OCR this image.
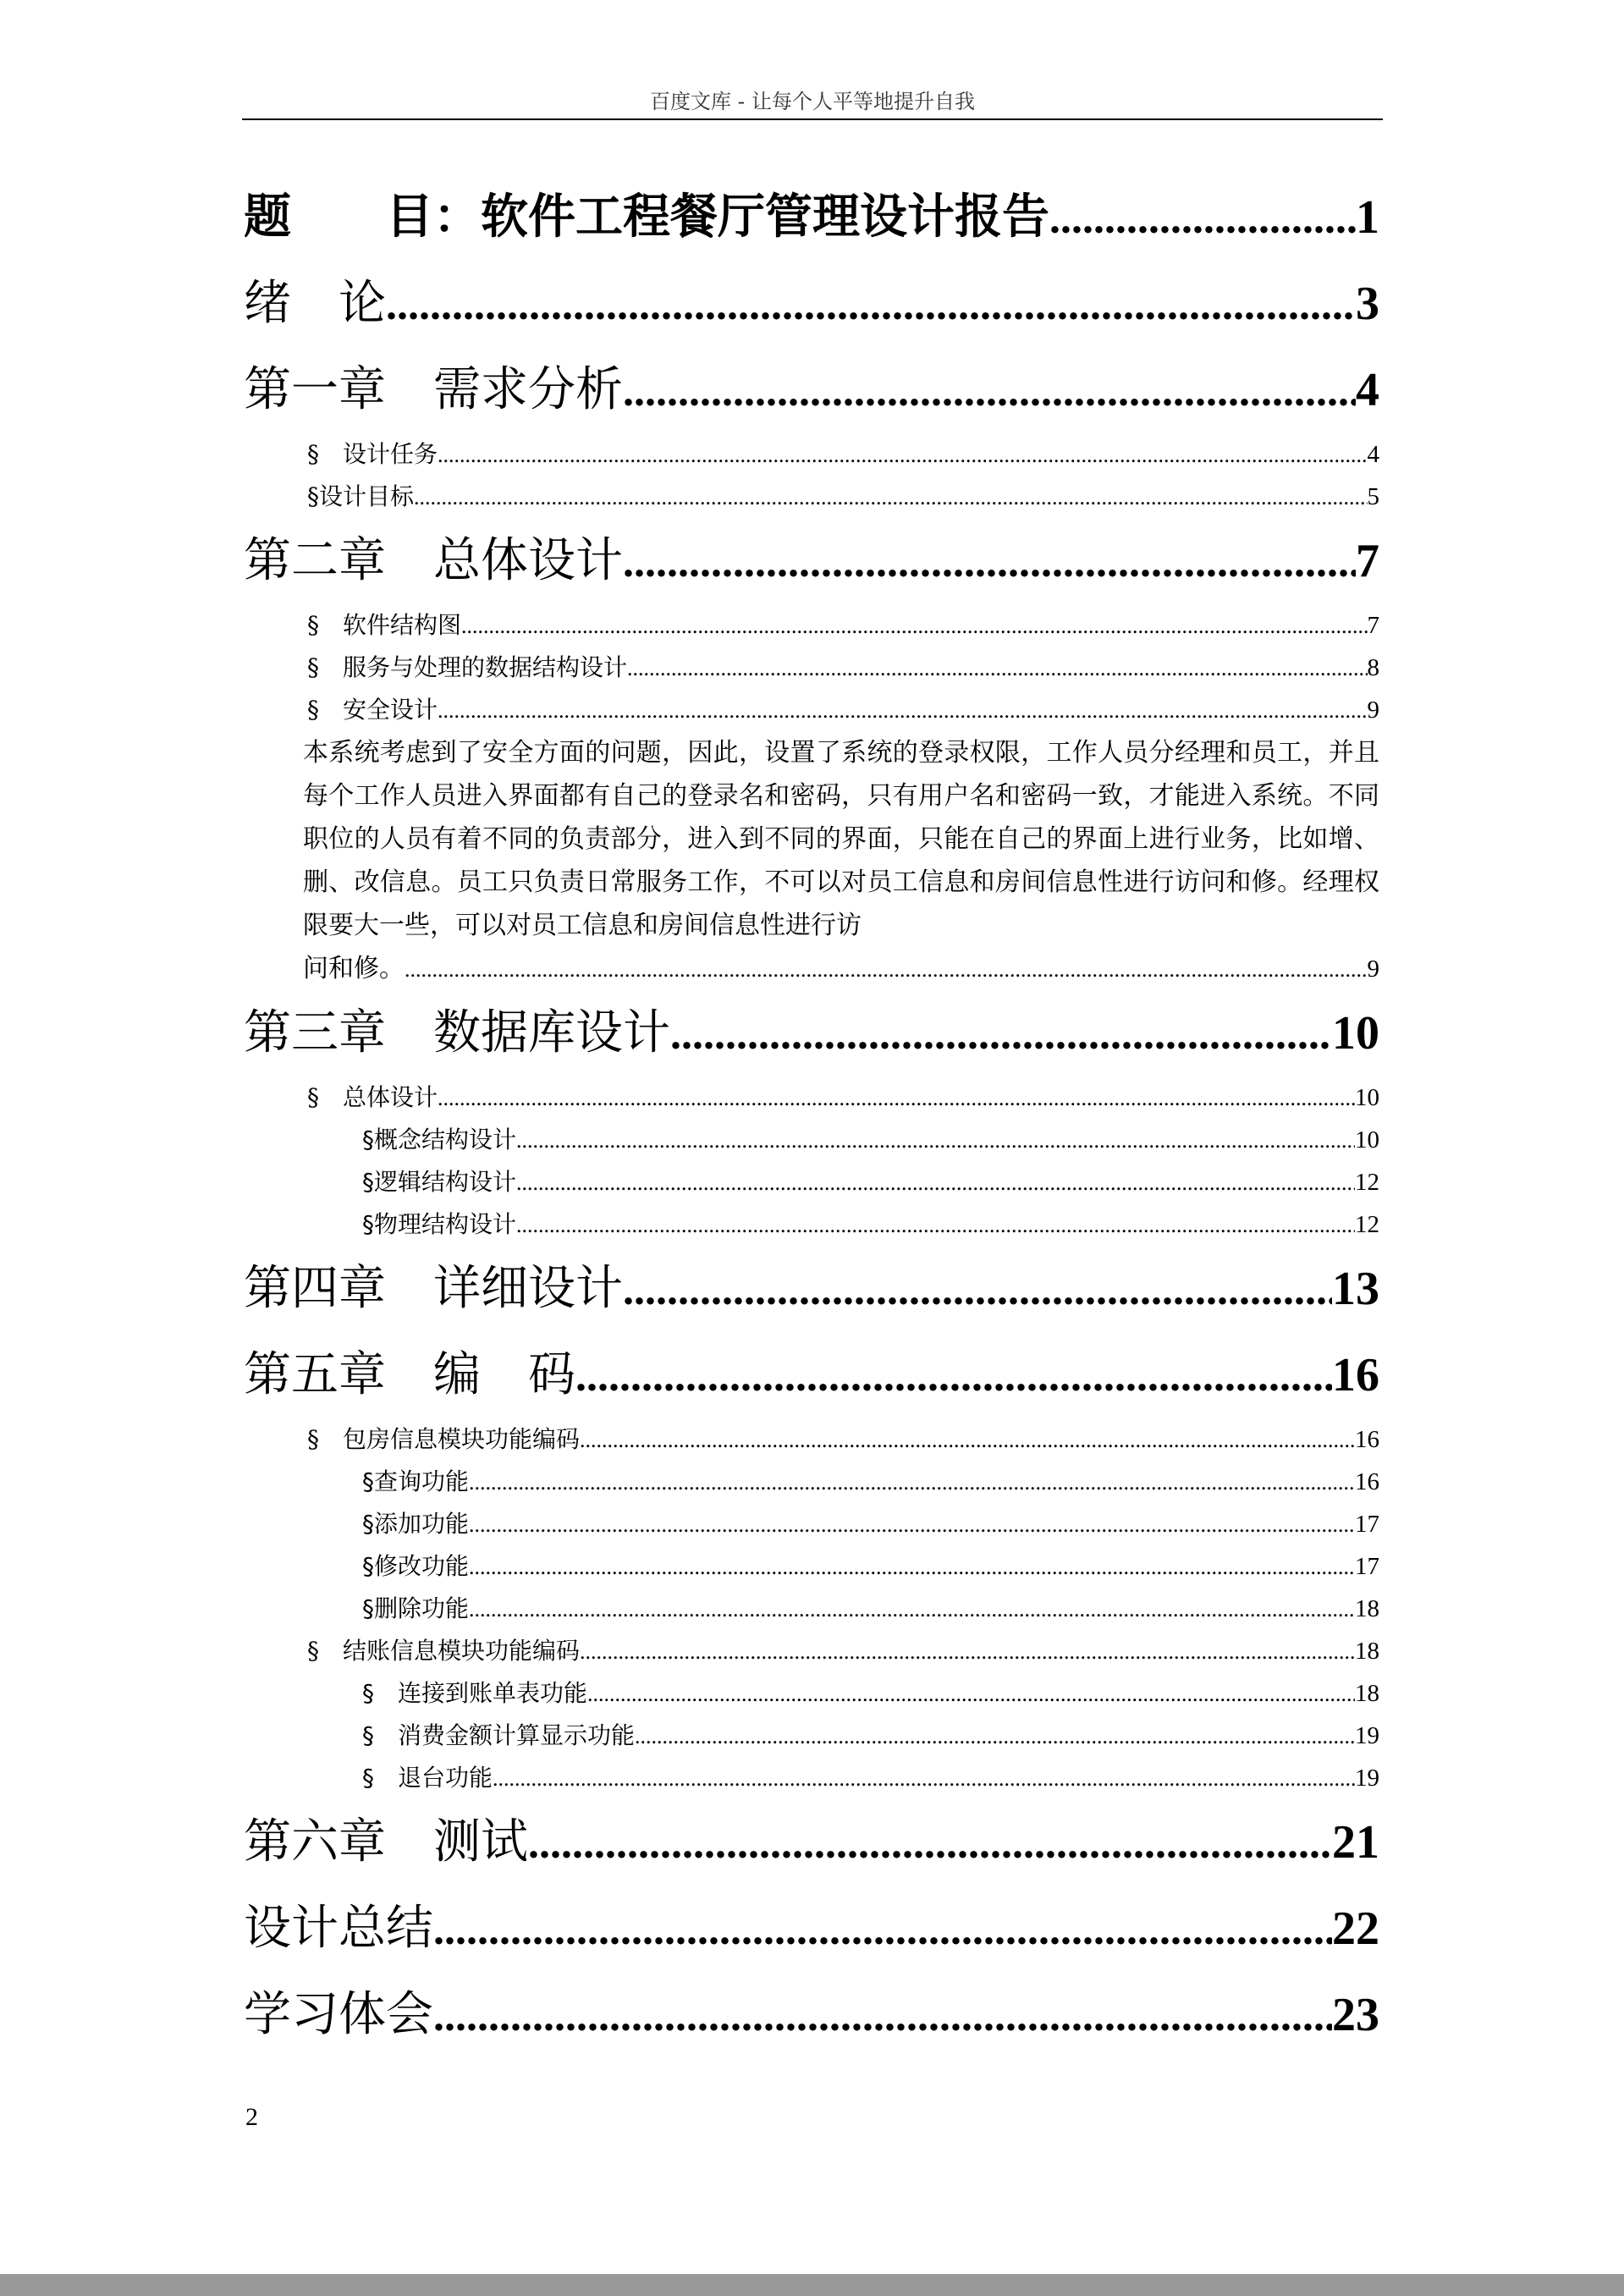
百度文库 - 让每个人平等地提升自我
题　　目：软件工程餐厅管理设计报告 .....	1
绪　论 .....	3
第一章　需求分析 .....	4
§　设计任务 .....	4
§设计目标 .....	5
第二章　总体设计 .....	7
§　软件结构图 .....	7
§　服务与处理的数据结构设计 .....	8
§　安全设计 .....	9
本系统考虑到了安全方面的问题，因此，设置了系统的登录权限，工作人员分经理和员工，并且每个工作人员进入界面都有自己的登录名和密码，只有用户名和密码一致，才能进入系统。不同职位的人员有着不同的负责部分，进入到不同的界面，只能在自己的界面上进行业务，比如增、删、改信息。员工只负责日常服务工作，不可以对员工信息和房间信息性进行访问和修。经理权限要大一些，可以对员工信息和房间信息性进行访
问和修。 .....	9
第三章　数据库设计 .....	10
§　总体设计 .....	10
§概念结构设计 .....	10
§逻辑结构设计 .....	12
§物理结构设计 .....	12
第四章　详细设计 .....	13
第五章　编　码 .....	16
§　包房信息模块功能编码 .....	16
§查询功能 .....	16
§添加功能 .....	17
§修改功能 .....	17
§删除功能 .....	18
§　结账信息模块功能编码 .....	18
§　连接到账单表功能 .....	18
§　消费金额计算显示功能 .....	19
§　退台功能 .....	19
第六章　测试 .....	21
设计总结 .....	22
学习体会 .....	23
2
